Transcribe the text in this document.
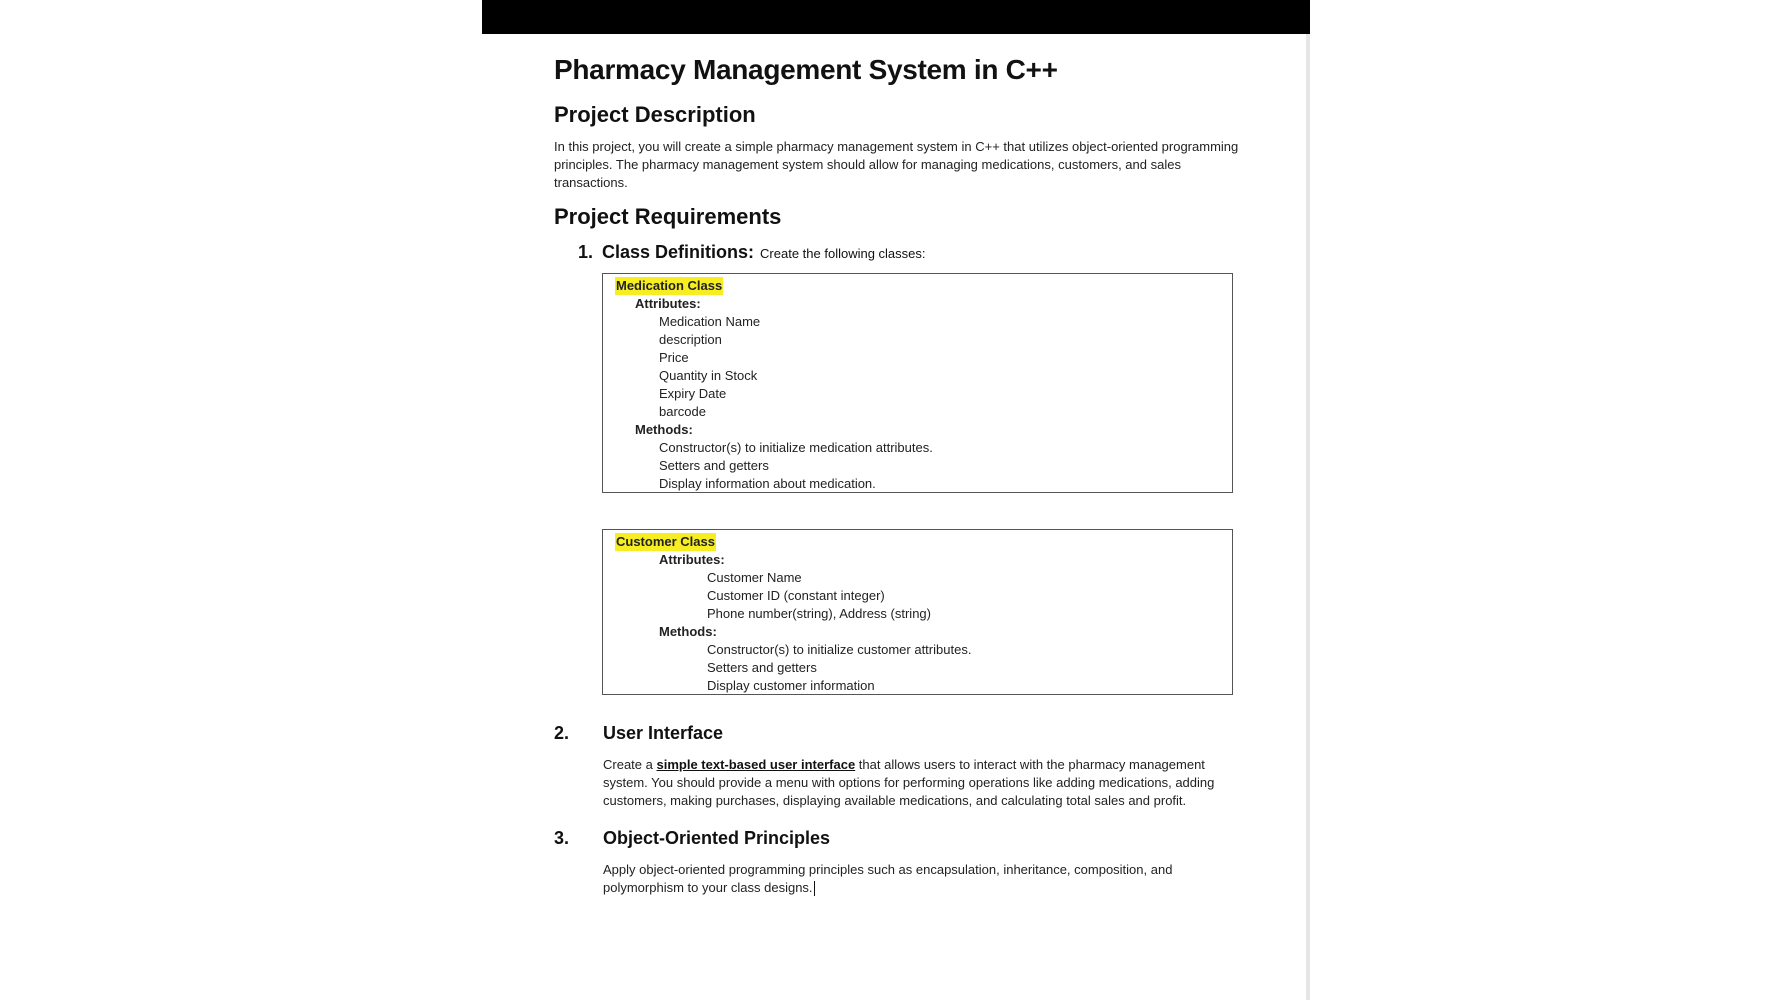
Pharmacy Management System in C++
Project Description

In this project, you will create a simple pharmacy management system in C++ that utilizes object-oriented programming principles. The pharmacy management system should allow for managing medications, customers, and sales transactions.

Project Requirements
1. Class Definitions: Create the following classes:
Medication Class
Attributes:
Medication Name
description
Price
Quantity in Stock
Expiry Date
barcode
Methods:
Constructor(s) to initialize medication attributes.
Setters and getters
Display information about medication.
Customer Class
Attributes:
Customer Name
Customer ID (constant integer)
Phone number(string), Address (string)
Methods:
Constructor(s) to initialize customer attributes.
Setters and getters
Display customer information
2.	User Interface

Create a simple text-based user interface that allows users to interact with the pharmacy management system. You should provide a menu with options for performing operations like adding medications, adding customers, making purchases, displaying available medications, and calculating total sales and profit.

3.	Object-Oriented Principles

Apply object-oriented programming principles such as encapsulation, inheritance, composition, and polymorphism to your class designs.
